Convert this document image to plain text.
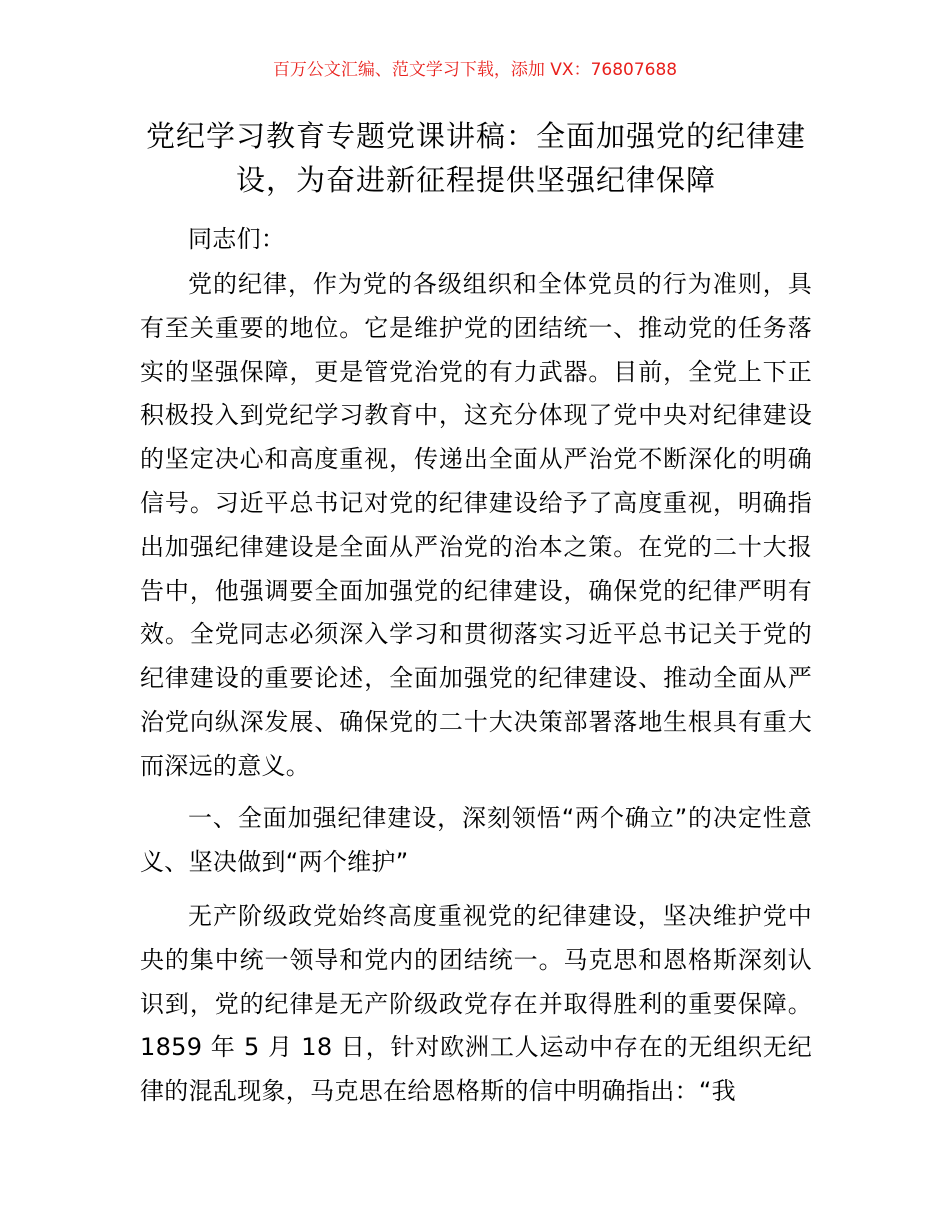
百万公文汇编、范文学习下载，添加 VX：76807688
党纪学习教育专题党课讲稿：全面加强党的纪律建设，为奋进新征程提供坚强纪律保障

同志们：

党的纪律，作为党的各级组织和全体党员的行为准则，具有至关重要的地位。它是维护党的团结统一、推动党的任务落实的坚强保障，更是管党治党的有力武器。目前，全党上下正积极投入到党纪学习教育中，这充分体现了党中央对纪律建设的坚定决心和高度重视，传递出全面从严治党不断深化的明确信号。习近平总书记对党的纪律建设给予了高度重视，明确指出加强纪律建设是全面从严治党的治本之策。在党的二十大报告中，他强调要全面加强党的纪律建设，确保党的纪律严明有效。全党同志必须深入学习和贯彻落实习近平总书记关于党的纪律建设的重要论述，全面加强党的纪律建设、推动全面从严治党向纵深发展、确保党的二十大决策部署落地生根具有重大而深远的意义。

一、全面加强纪律建设，深刻领悟“两个确立”的决定性意义、坚决做到“两个维护”

无产阶级政党始终高度重视党的纪律建设，坚决维护党中央的集中统一领导和党内的团结统一。马克思和恩格斯深刻认识到，党的纪律是无产阶级政党存在并取得胜利的重要保障。1859 年 5 月 18 日，针对欧洲工人运动中存在的无组织无纪律的混乱现象，马克思在给恩格斯的信中明确指出：“我
